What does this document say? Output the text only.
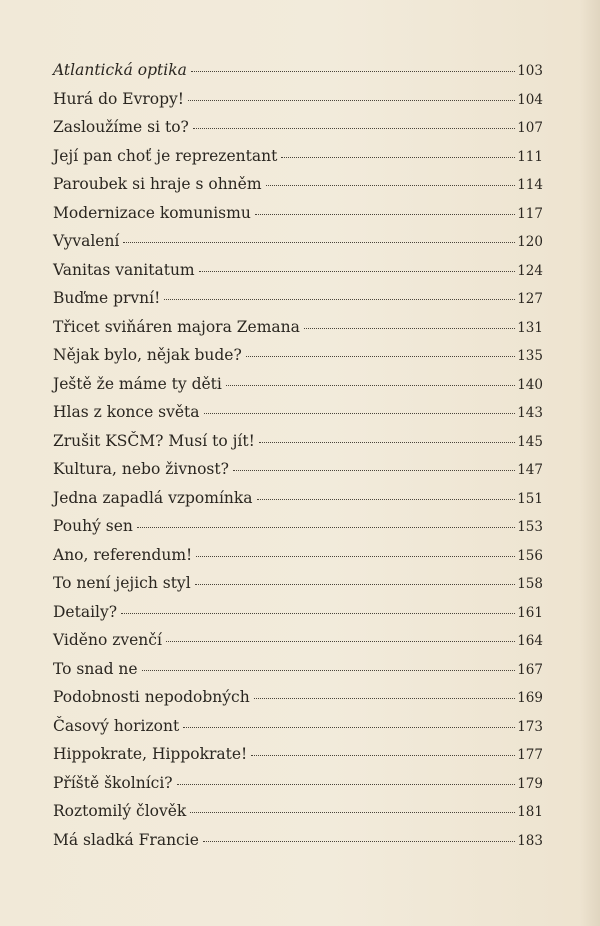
Atlantická optika	103
Hurá do Evropy!	104
Zasloužíme si to?	107
Její pan choť je reprezentant	111
Paroubek si hraje s ohněm	114
Modernizace komunismu	117
Vyvalení	120
Vanitas vanitatum	124
Buďme první!	127
Třicet sviňáren majora Zemana	131
Nějak bylo, nějak bude?	135
Ještě že máme ty děti	140
Hlas z konce světa	143
Zrušit KSČM? Musí to jít!	145
Kultura, nebo živnost?	147
Jedna zapadlá vzpomínka	151
Pouhý sen	153
Ano, referendum!	156
To není jejich styl	158
Detaily?	161
Viděno zvenčí	164
To snad ne	167
Podobnosti nepodobných	169
Časový horizont	173
Hippokrate, Hippokrate!	177
Příště školníci?	179
Roztomilý člověk	181
Má sladká Francie	183
